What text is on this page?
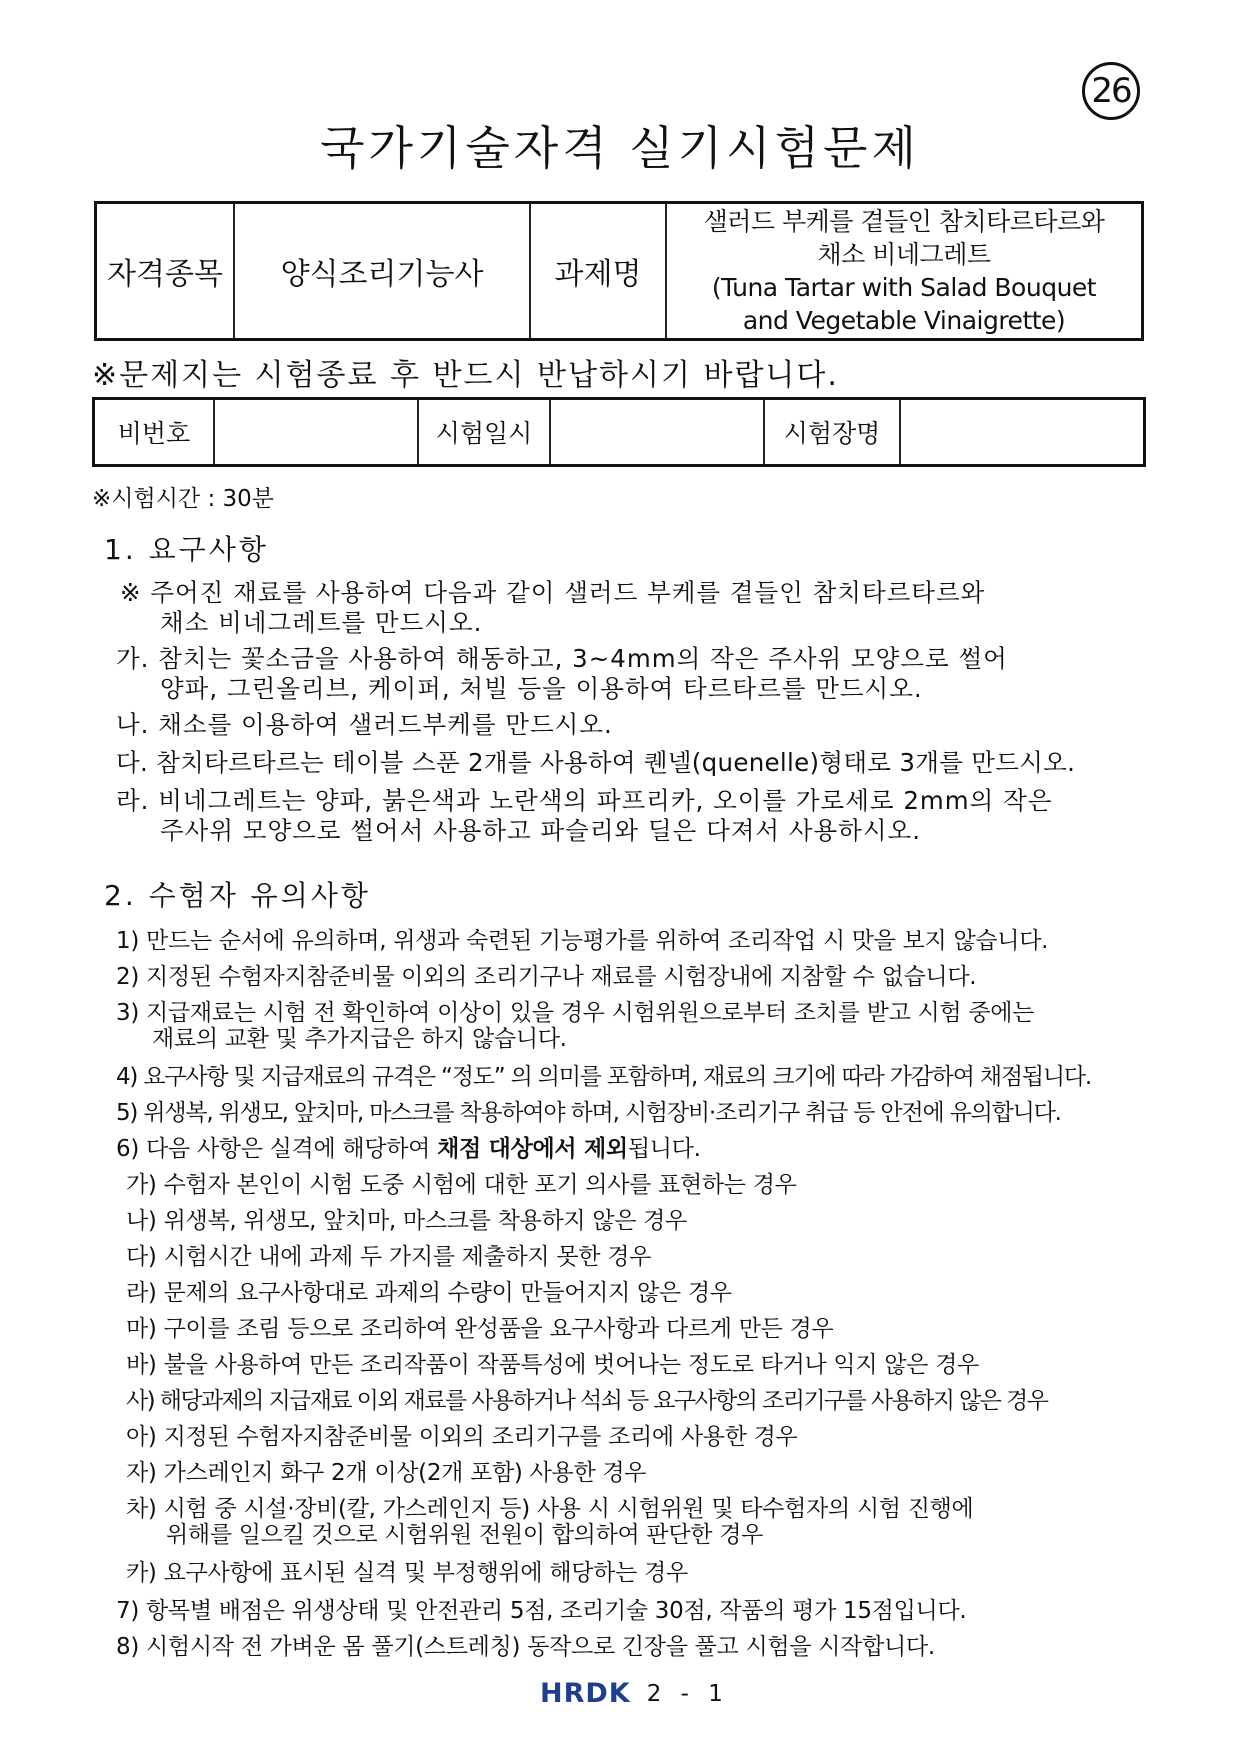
26
국가기술자격 실기시험문제
자격종목	양식조리기능사	과제명	
샐러드 부케를 곁들인 참치타르타르와
채소 비네그레트
(Tuna Tartar with Salad Bouquet
and Vegetable Vinaigrette)

※문제지는 시험종료 후 반드시 반납하시기 바랍니다.

비번호		시험일시		시험장명	
※시험시간 : 30분
1. 요구사항
※ 주어진 재료를 사용하여 다음과 같이 샐러드 부케를 곁들인 참치타르타르와
채소 비네그레트를 만드시오.
가. 참치는 꽃소금을 사용하여 해동하고, 3~4mm의 작은 주사위 모양으로 썰어
양파, 그린올리브, 케이퍼, 처빌 등을 이용하여 타르타르를 만드시오.
나. 채소를 이용하여 샐러드부케를 만드시오.
다. 참치타르타르는 테이블 스푼 2개를 사용하여 퀜넬(quenelle)형태로 3개를 만드시오.
라. 비네그레트는 양파, 붉은색과 노란색의 파프리카, 오이를 가로세로 2mm의 작은
주사위 모양으로 썰어서 사용하고 파슬리와 딜은 다져서 사용하시오.
2. 수험자 유의사항
1) 만드는 순서에 유의하며, 위생과 숙련된 기능평가를 위하여 조리작업 시 맛을 보지 않습니다.
2) 지정된 수험자지참준비물 이외의 조리기구나 재료를 시험장내에 지참할 수 없습니다.
3) 지급재료는 시험 전 확인하여 이상이 있을 경우 시험위원으로부터 조치를 받고 시험 중에는
재료의 교환 및 추가지급은 하지 않습니다.
4) 요구사항 및 지급재료의 규격은 “정도” 의 의미를 포함하며, 재료의 크기에 따라 가감하여 채점됩니다.
5) 위생복, 위생모, 앞치마, 마스크를 착용하여야 하며, 시험장비·조리기구 취급 등 안전에 유의합니다.
6) 다음 사항은 실격에 해당하여 채점 대상에서 제외됩니다.
가) 수험자 본인이 시험 도중 시험에 대한 포기 의사를 표현하는 경우
나) 위생복, 위생모, 앞치마, 마스크를 착용하지 않은 경우
다) 시험시간 내에 과제 두 가지를 제출하지 못한 경우
라) 문제의 요구사항대로 과제의 수량이 만들어지지 않은 경우
마) 구이를 조림 등으로 조리하여 완성품을 요구사항과 다르게 만든 경우
바) 불을 사용하여 만든 조리작품이 작품특성에 벗어나는 정도로 타거나 익지 않은 경우
사) 해당과제의 지급재료 이외 재료를 사용하거나 석쇠 등 요구사항의 조리기구를 사용하지 않은 경우
아) 지정된 수험자지참준비물 이외의 조리기구를 조리에 사용한 경우
자) 가스레인지 화구 2개 이상(2개 포함) 사용한 경우
차) 시험 중 시설·장비(칼, 가스레인지 등) 사용 시 시험위원 및 타수험자의 시험 진행에
위해를 일으킬 것으로 시험위원 전원이 합의하여 판단한 경우
카) 요구사항에 표시된 실격 및 부정행위에 해당하는 경우
7) 항목별 배점은 위생상태 및 안전관리 5점, 조리기술 30점, 작품의 평가 15점입니다.
8) 시험시작 전 가벼운 몸 풀기(스트레칭) 동작으로 긴장을 풀고 시험을 시작합니다.
HRDK 2 - 1
